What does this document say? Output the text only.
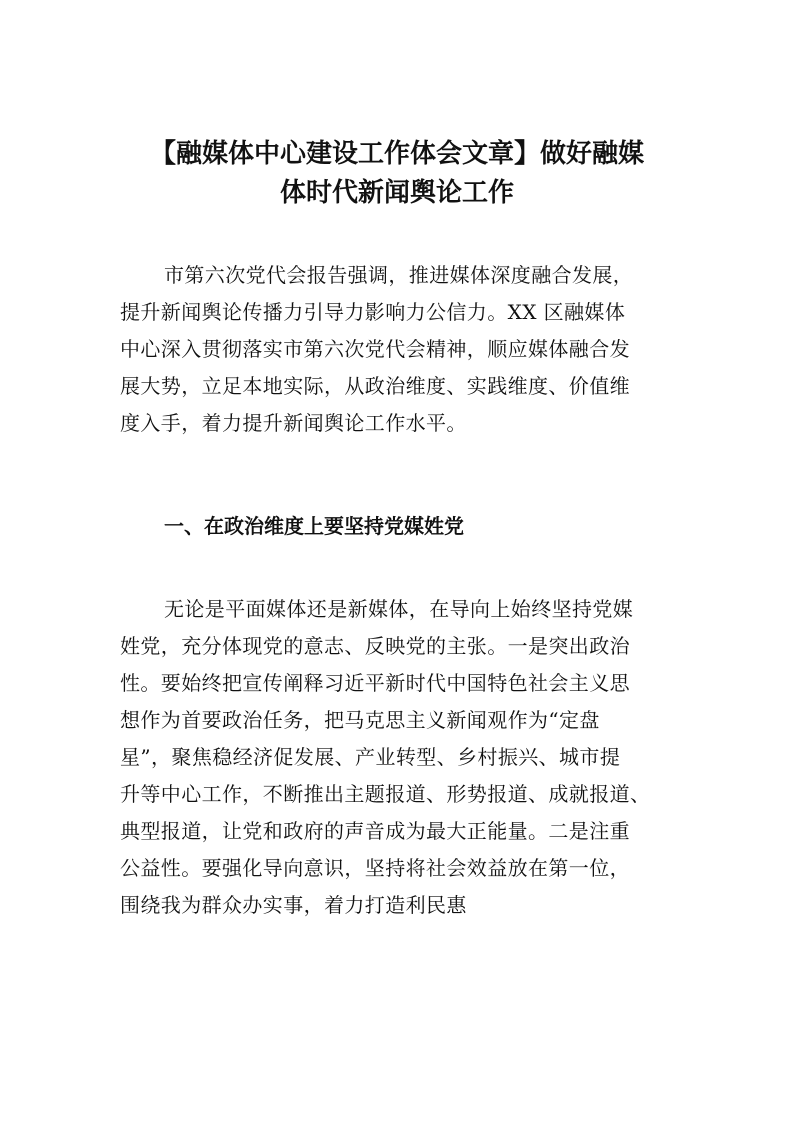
【融媒体中心建设工作体会文章】做好融媒
体时代新闻舆论工作
市第六次党代会报告强调，推进媒体深度融合发展，
提升新闻舆论传播力引导力影响力公信力。XX 区融媒体
中心深入贯彻落实市第六次党代会精神，顺应媒体融合发
展大势，立足本地实际，从政治维度、实践维度、价值维
度入手，着力提升新闻舆论工作水平。
一、在政治维度上要坚持党媒姓党
无论是平面媒体还是新媒体，在导向上始终坚持党媒
姓党，充分体现党的意志、反映党的主张。一是突出政治
性。要始终把宣传阐释习近平新时代中国特色社会主义思
想作为首要政治任务，把马克思主义新闻观作为“定盘
星”，聚焦稳经济促发展、产业转型、乡村振兴、城市提
升等中心工作，不断推出主题报道、形势报道、成就报道、
典型报道，让党和政府的声音成为最大正能量。二是注重
公益性。要强化导向意识，坚持将社会效益放在第一位，
围绕我为群众办实事，着力打造利民惠
